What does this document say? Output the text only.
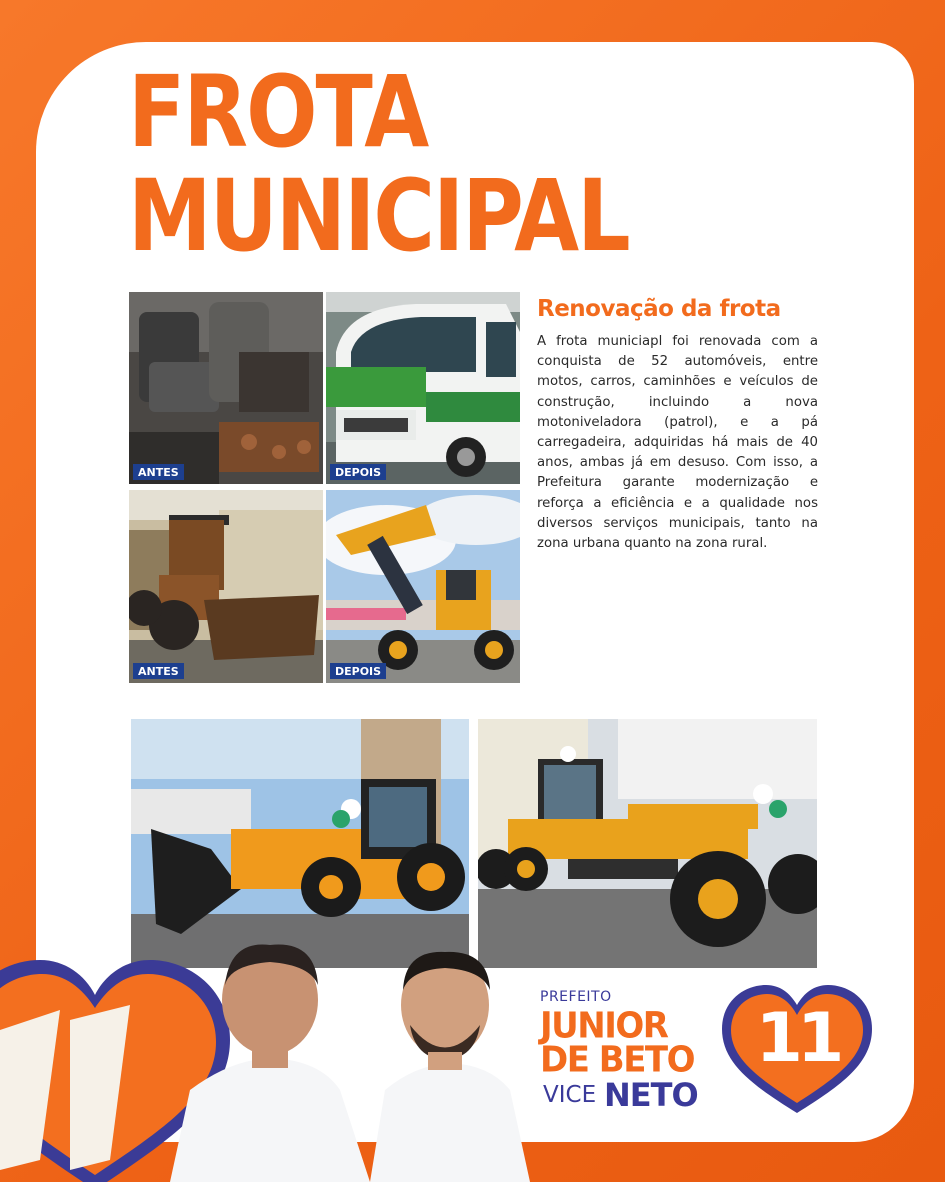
FROTA
MUNICIPAL
ANTES	DEPOIS
ANTES	DEPOIS
Renovação da frota
A frota municiapl foi renovada com a conquista de 52 automóveis, entre motos, carros, caminhões e veículos de construção, incluindo a nova motoniveladora (patrol), e a pá carregadeira, adquiridas há mais de 40 anos, ambas já em desuso. Com isso, a Prefeitura garante modernização e reforça a eficiência e a qualidade nos diversos serviços municipais, tanto na zona urbana quanto na zona rural.
PREFEITO
JUNIOR
DE BETO
VICE NETO
11
